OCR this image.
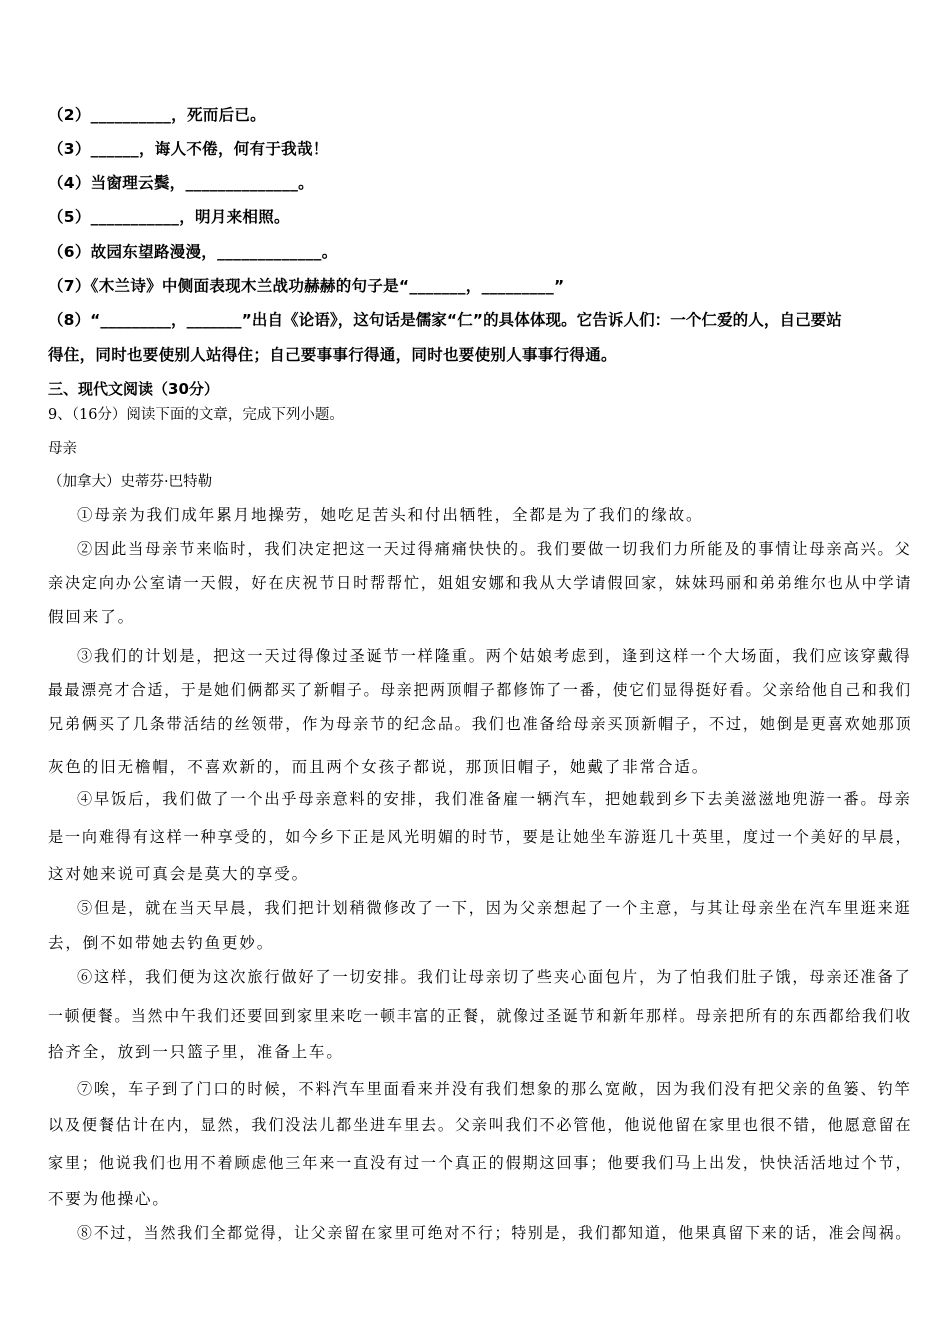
（2）__________，死而后已。
（3）______，诲人不倦，何有于我哉！
（4）当窗理云鬓，______________。
（5）___________，明月来相照。
（6）故园东望路漫漫，_____________。
（7）《木兰诗》中侧面表现木兰战功赫赫的句子是“_______，_________”
（8）“_________，_______”出自《论语》，这句话是儒家“仁”的具体体现。它告诉人们：一个仁爱的人，自己要站
得住，同时也要使别人站得住；自己要事事行得通，同时也要使别人事事行得通。
三、现代文阅读（30分）
9、（16分）阅读下面的文章，完成下列小题。
母亲
（加拿大）史蒂芬·巴特勒
①母亲为我们成年累月地操劳，她吃足苦头和付出牺牲，全都是为了我们的缘故。
②因此当母亲节来临时，我们决定把这一天过得痛痛快快的。我们要做一切我们力所能及的事情让母亲高兴。父
亲决定向办公室请一天假，好在庆祝节日时帮帮忙，姐姐安娜和我从大学请假回家，妹妹玛丽和弟弟维尔也从中学请
假回来了。
③我们的计划是，把这一天过得像过圣诞节一样隆重。两个姑娘考虑到，逢到这样一个大场面，我们应该穿戴得
最最漂亮才合适，于是她们俩都买了新帽子。母亲把两顶帽子都修饰了一番，使它们显得挺好看。父亲给他自己和我们
兄弟俩买了几条带活结的丝领带，作为母亲节的纪念品。我们也准备给母亲买顶新帽子，不过，她倒是更喜欢她那顶
灰色的旧无檐帽，不喜欢新的，而且两个女孩子都说，那顶旧帽子，她戴了非常合适。
④早饭后，我们做了一个出乎母亲意料的安排，我们准备雇一辆汽车，把她载到乡下去美滋滋地兜游一番。母亲
是一向难得有这样一种享受的，如今乡下正是风光明媚的时节，要是让她坐车游逛几十英里，度过一个美好的早晨，
这对她来说可真会是莫大的享受。
⑤但是，就在当天早晨，我们把计划稍微修改了一下，因为父亲想起了一个主意，与其让母亲坐在汽车里逛来逛
去，倒不如带她去钓鱼更妙。
⑥这样，我们便为这次旅行做好了一切安排。我们让母亲切了些夹心面包片，为了怕我们肚子饿，母亲还准备了
一顿便餐。当然中午我们还要回到家里来吃一顿丰富的正餐，就像过圣诞节和新年那样。母亲把所有的东西都给我们收
拾齐全，放到一只篮子里，准备上车。
⑦唉，车子到了门口的时候，不料汽车里面看来并没有我们想象的那么宽敞，因为我们没有把父亲的鱼篓、钓竿
以及便餐估计在内，显然，我们没法儿都坐进车里去。父亲叫我们不必管他，他说他留在家里也很不错，他愿意留在
家里；他说我们也用不着顾虑他三年来一直没有过一个真正的假期这回事；他要我们马上出发，快快活活地过个节，
不要为他操心。
⑧不过，当然我们全都觉得，让父亲留在家里可绝对不行；特别是，我们都知道，他果真留下来的话，准会闯祸。
